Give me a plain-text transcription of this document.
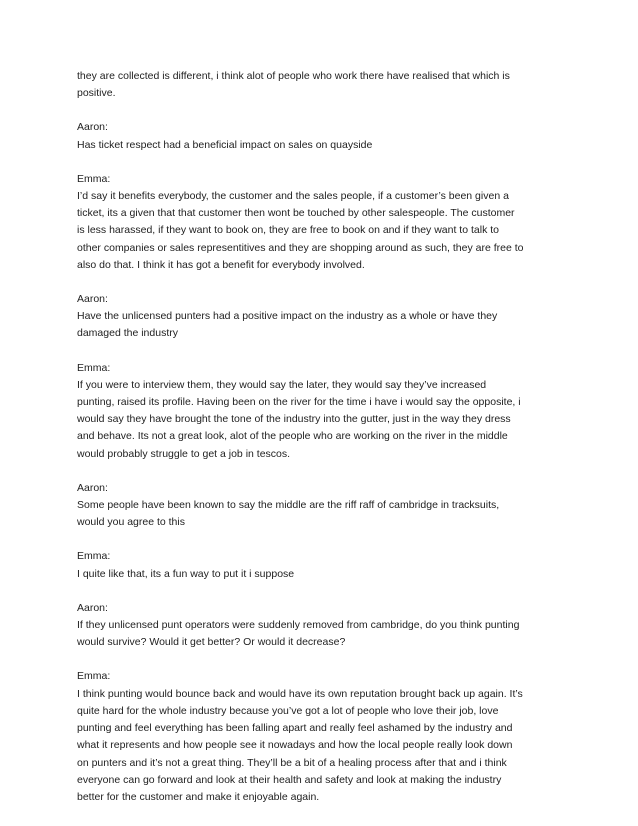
they are collected is different, i think alot of people who work there have realised that which is
positive.
Aaron:
Has ticket respect had a beneficial impact on sales on quayside
Emma:
I’d say it benefits everybody, the customer and the sales people, if a customer’s been given a
ticket, its a given that that customer then wont be touched by other salespeople. The customer
is less harassed, if they want to book on, they are free to book on and if they want to talk to
other companies or sales representitives and they are shopping around as such, they are free to
also do that. I think it has got a benefit for everybody involved.
Aaron:
Have the unlicensed punters had a positive impact on the industry as a whole or have they
damaged the industry
Emma:
If you were to interview them, they would say the later, they would say they’ve increased
punting, raised its profile. Having been on the river for the time i have i would say the opposite, i
would say they have brought the tone of the industry into the gutter, just in the way they dress
and behave. Its not a great look, alot of the people who are working on the river in the middle
would probably struggle to get a job in tescos.
Aaron:
Some people have been known to say the middle are the riff raff of cambridge in tracksuits,
would you agree to this
Emma:
I quite like that, its a fun way to put it i suppose
Aaron:
If they unlicensed punt operators were suddenly removed from cambridge, do you think punting
would survive? Would it get better? Or would it decrease?
Emma:
I think punting would bounce back and would have its own reputation brought back up again. It’s
quite hard for the whole industry because you’ve got a lot of people who love their job, love
punting and feel everything has been falling apart and really feel ashamed by the industry and
what it represents and how people see it nowadays and how the local people really look down
on punters and it’s not a great thing. They’ll be a bit of a healing process after that and i think
everyone can go forward and look at their health and safety and look at making the industry
better for the customer and make it enjoyable again.
